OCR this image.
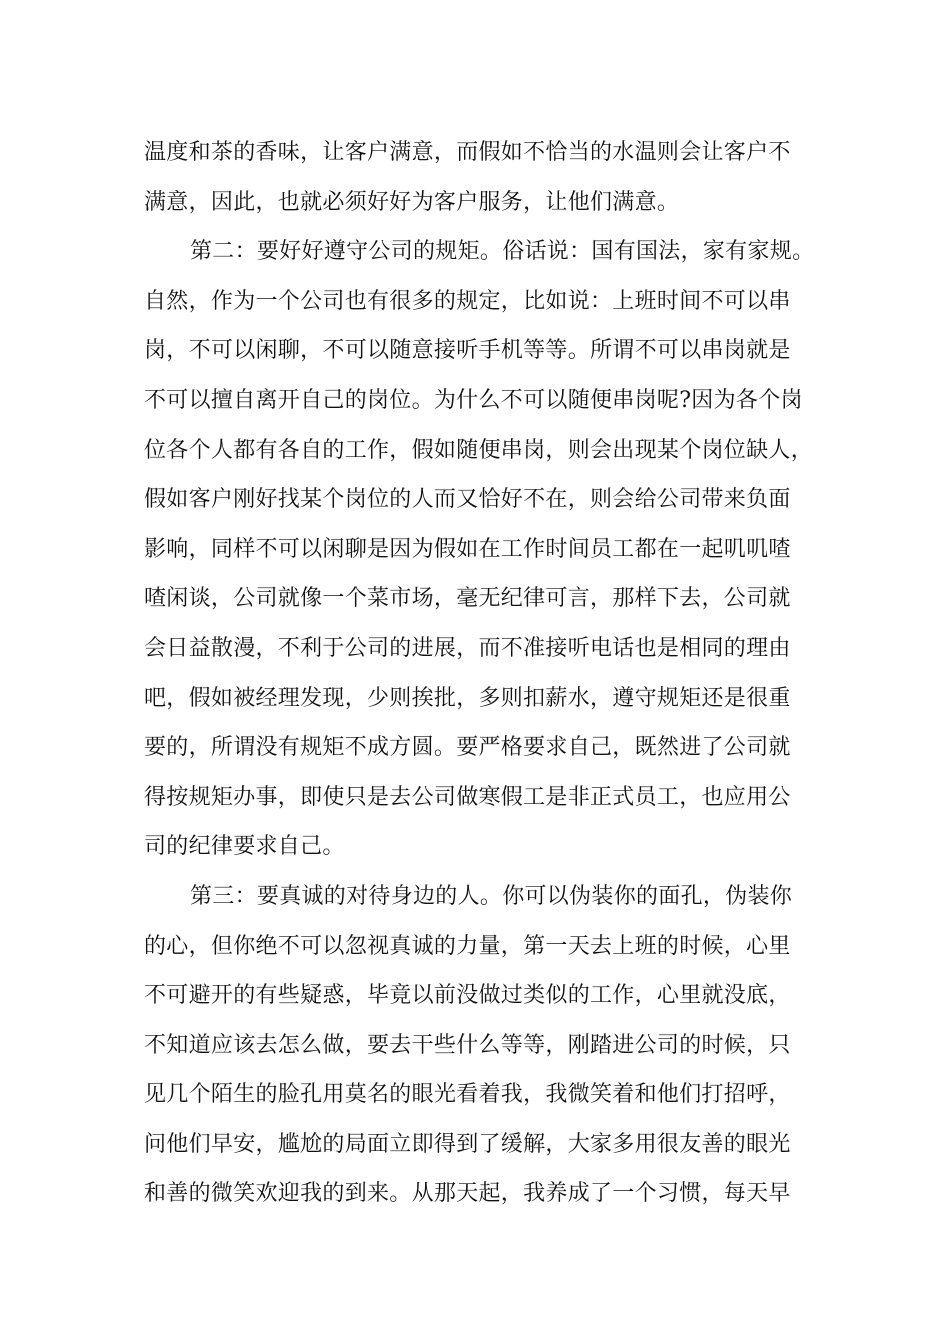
温度和茶的香味，让客户满意，而假如不恰当的水温则会让客户不
满意，因此，也就必须好好为客户服务，让他们满意。
第二：要好好遵守公司的规矩。俗话说：国有国法，家有家规。
自然，作为一个公司也有很多的规定，比如说：上班时间不可以串
岗，不可以闲聊，不可以随意接听手机等等。所谓不可以串岗就是
不可以擅自离开自己的岗位。为什么不可以随便串岗呢?因为各个岗
位各个人都有各自的工作，假如随便串岗，则会出现某个岗位缺人，
假如客户刚好找某个岗位的人而又恰好不在，则会给公司带来负面
影响，同样不可以闲聊是因为假如在工作时间员工都在一起叽叽喳
喳闲谈，公司就像一个菜市场，毫无纪律可言，那样下去，公司就
会日益散漫，不利于公司的进展，而不准接听电话也是相同的理由
吧，假如被经理发现，少则挨批，多则扣薪水，遵守规矩还是很重
要的，所谓没有规矩不成方圆。要严格要求自己，既然进了公司就
得按规矩办事，即使只是去公司做寒假工是非正式员工，也应用公
司的纪律要求自己。
第三：要真诚的对待身边的人。你可以伪装你的面孔，伪装你
的心，但你绝不可以忽视真诚的力量，第一天去上班的时候，心里
不可避开的有些疑惑，毕竟以前没做过类似的工作，心里就没底，
不知道应该去怎么做，要去干些什么等等，刚踏进公司的时候，只
见几个陌生的脸孔用莫名的眼光看着我，我微笑着和他们打招呼，
问他们早安，尴尬的局面立即得到了缓解，大家多用很友善的眼光
和善的微笑欢迎我的到来。从那天起，我养成了一个习惯，每天早
